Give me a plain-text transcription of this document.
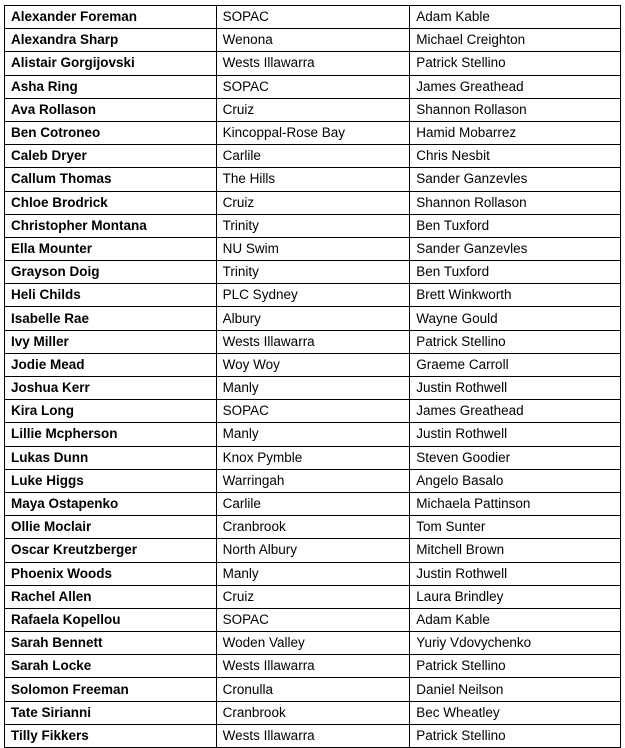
Alexander Foreman	SOPAC	Adam Kable
Alexandra Sharp	Wenona	Michael Creighton
Alistair Gorgijovski	Wests Illawarra	Patrick Stellino
Asha Ring	SOPAC	James Greathead
Ava Rollason	Cruiz	Shannon Rollason
Ben Cotroneo	Kincoppal-Rose Bay	Hamid Mobarrez
Caleb Dryer	Carlile	Chris Nesbit
Callum Thomas	The Hills	Sander Ganzevles
Chloe Brodrick	Cruiz	Shannon Rollason
Christopher Montana	Trinity	Ben Tuxford
Ella Mounter	NU Swim	Sander Ganzevles
Grayson Doig	Trinity	Ben Tuxford
Heli Childs	PLC Sydney	Brett Winkworth
Isabelle Rae	Albury	Wayne Gould
Ivy Miller	Wests Illawarra	Patrick Stellino
Jodie Mead	Woy Woy	Graeme Carroll
Joshua Kerr	Manly	Justin Rothwell
Kira Long	SOPAC	James Greathead
Lillie Mcpherson	Manly	Justin Rothwell
Lukas Dunn	Knox Pymble	Steven Goodier
Luke Higgs	Warringah	Angelo Basalo
Maya Ostapenko	Carlile	Michaela Pattinson
Ollie Moclair	Cranbrook	Tom Sunter
Oscar Kreutzberger	North Albury	Mitchell Brown
Phoenix Woods	Manly	Justin Rothwell
Rachel Allen	Cruiz	Laura Brindley
Rafaela Kopellou	SOPAC	Adam Kable
Sarah Bennett	Woden Valley	Yuriy Vdovychenko
Sarah Locke	Wests Illawarra	Patrick Stellino
Solomon Freeman	Cronulla	Daniel Neilson
Tate Sirianni	Cranbrook	Bec Wheatley
Tilly Fikkers	Wests Illawarra	Patrick Stellino
